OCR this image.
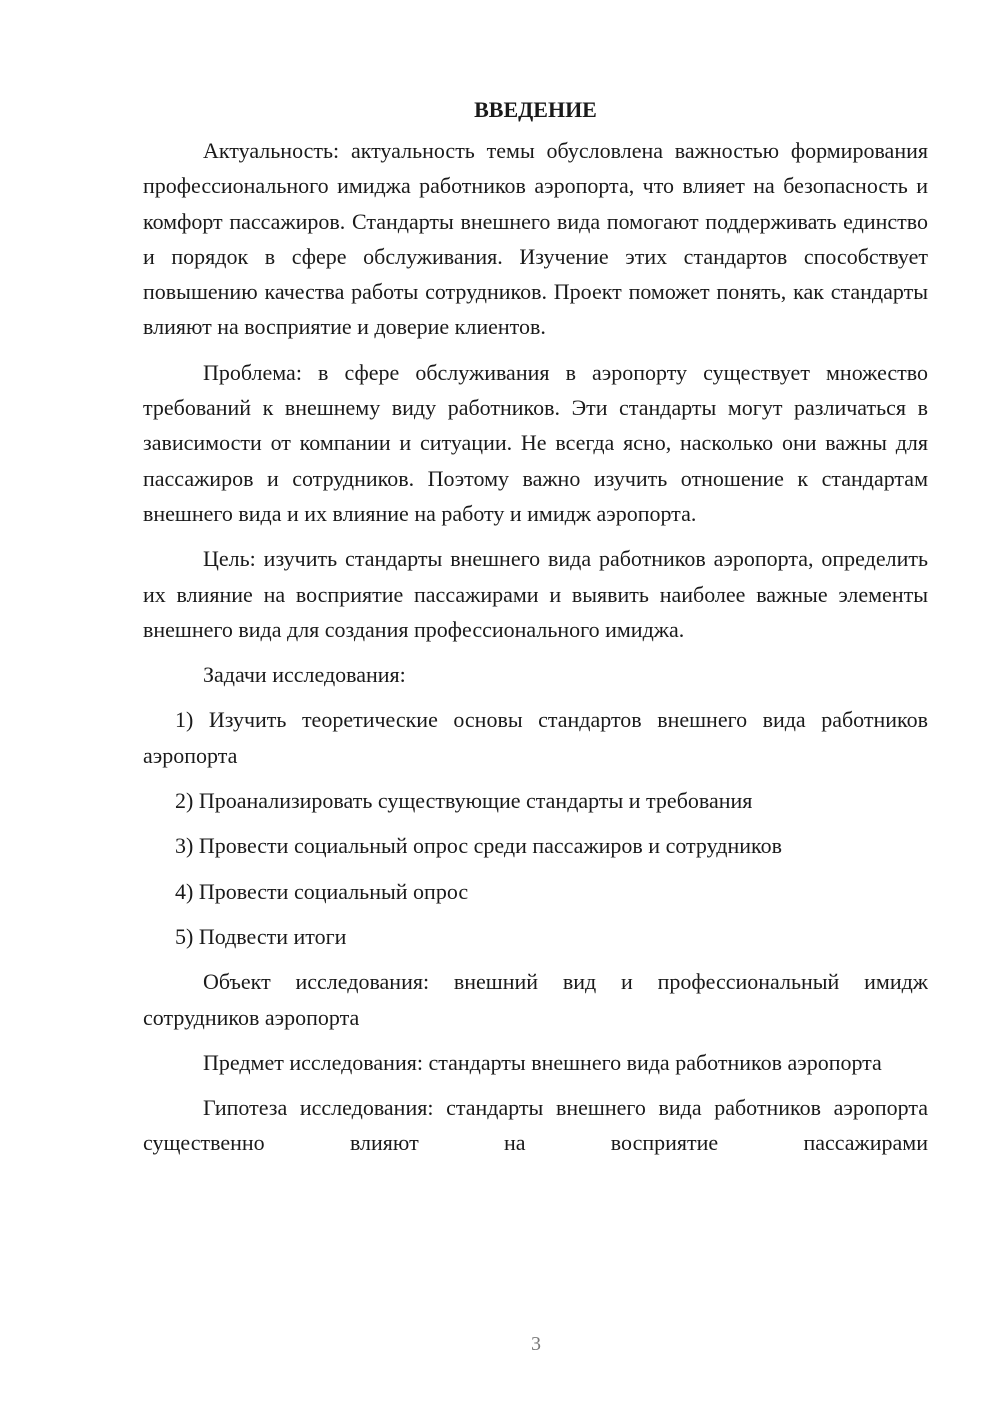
ВВЕДЕНИЕ

Актуальность: актуальность темы обусловлена важностью формирования профессионального имиджа работников аэропорта, что влияет на безопасность и комфорт пассажиров. Стандарты внешнего вида помогают поддерживать единство и порядок в сфере обслуживания. Изучение этих стандартов способствует повышению качества работы сотрудников. Проект поможет понять, как стандарты влияют на восприятие и доверие клиентов.

Проблема: в сфере обслуживания в аэропорту существует множество требований к внешнему виду работников. Эти стандарты могут различаться в зависимости от компании и ситуации. Не всегда ясно, насколько они важны для пассажиров и сотрудников. Поэтому важно изучить отношение к стандартам внешнего вида и их влияние на работу и имидж аэропорта.

Цель: изучить стандарты внешнего вида работников аэропорта, определить их влияние на восприятие пассажирами и выявить наиболее важные элементы внешнего вида для создания профессионального имиджа.

Задачи исследования:

1) Изучить теоретические основы стандартов внешнего вида работников аэропорта

2) Проанализировать существующие стандарты и требования

3) Провести социальный опрос среди пассажиров и сотрудников

4) Провести социальный опрос

5) Подвести итоги

Объект исследования: внешний вид и профессиональный имидж сотрудников аэропорта

Предмет исследования: стандарты внешнего вида работников аэропорта

Гипотеза исследования: стандарты внешнего вида работников аэропорта существенно влияют на восприятие пассажирами

3
